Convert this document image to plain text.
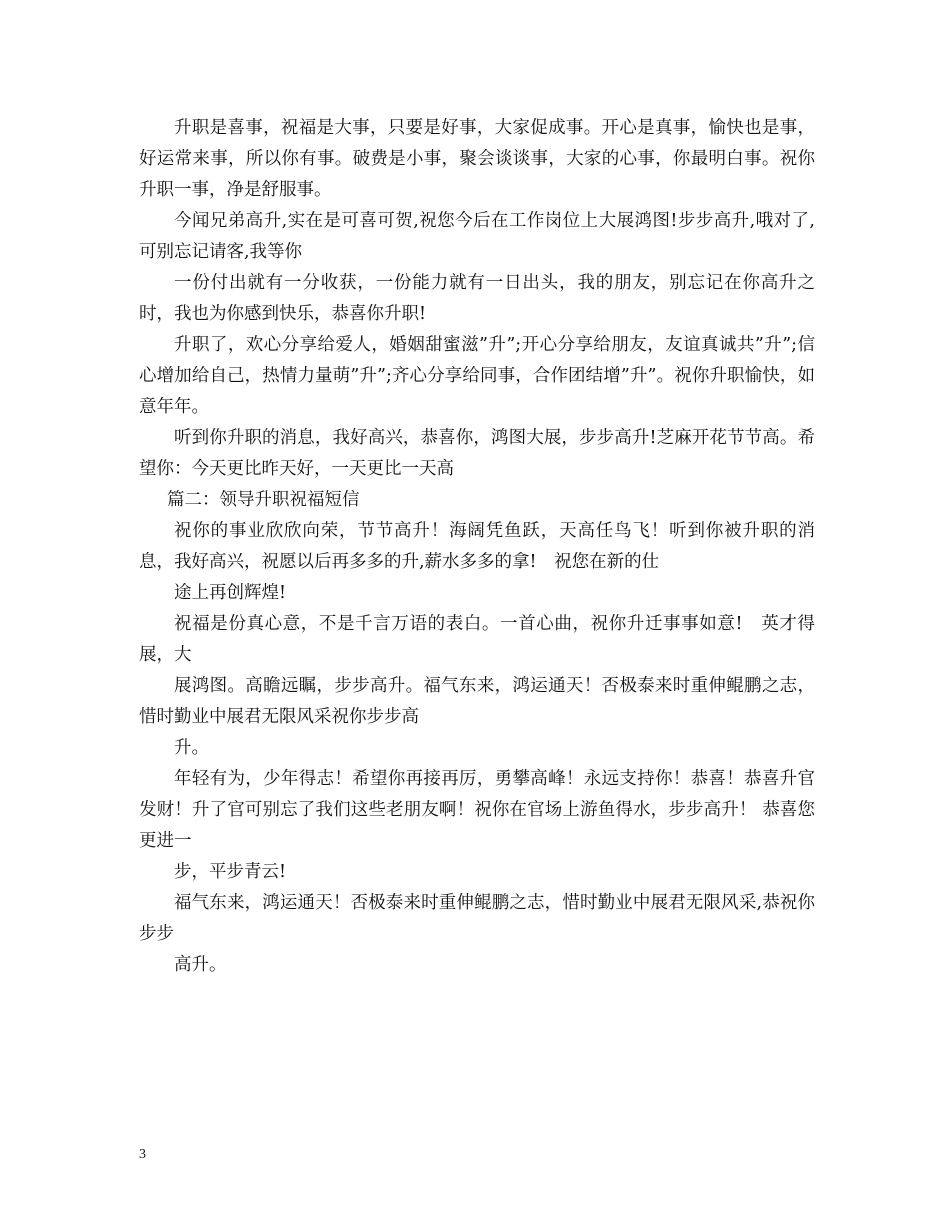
升职是喜事，祝福是大事，只要是好事，大家促成事。开心是真事，愉快也是事，好运常来事，所以你有事。破费是小事，聚会谈谈事，大家的心事，你最明白事。祝你升职一事，净是舒服事。

今闻兄弟高升,实在是可喜可贺,祝您今后在工作岗位上大展鸿图!步步高升,哦对了,可别忘记请客,我等你

一份付出就有一分收获，一份能力就有一日出头，我的朋友，别忘记在你高升之时，我也为你感到快乐，恭喜你升职!

升职了，欢心分享给爱人，婚姻甜蜜滋”升”;开心分享给朋友，友谊真诚共”升”;信心增加给自己，热情力量萌”升”;齐心分享给同事，合作团结增”升”。祝你升职愉快，如意年年。

听到你升职的消息，我好高兴，恭喜你，鸿图大展，步步高升!芝麻开花节节高。希望你：今天更比昨天好，一天更比一天高

篇二：领导升职祝福短信

祝你的事业欣欣向荣，节节高升！海阔凭鱼跃，天高任鸟飞！听到你被升职的消息，我好高兴，祝愿以后再多多的升,薪水多多的拿!　祝您在新的仕

途上再创辉煌!

祝福是份真心意，不是千言万语的表白。一首心曲，祝你升迁事事如意!　英才得展，大

展鸿图。高瞻远瞩，步步高升。福气东来，鸿运通天！否极泰来时重伸鲲鹏之志，惜时勤业中展君无限风采祝你步步高

升。

年轻有为，少年得志！希望你再接再厉，勇攀高峰！永远支持你！恭喜！恭喜升官发财！升了官可别忘了我们这些老朋友啊！祝你在官场上游鱼得水，步步高升！ 恭喜您更进一

步，平步青云!

福气东来，鸿运通天！否极泰来时重伸鲲鹏之志，惜时勤业中展君无限风采,恭祝你步步

高升。

3
